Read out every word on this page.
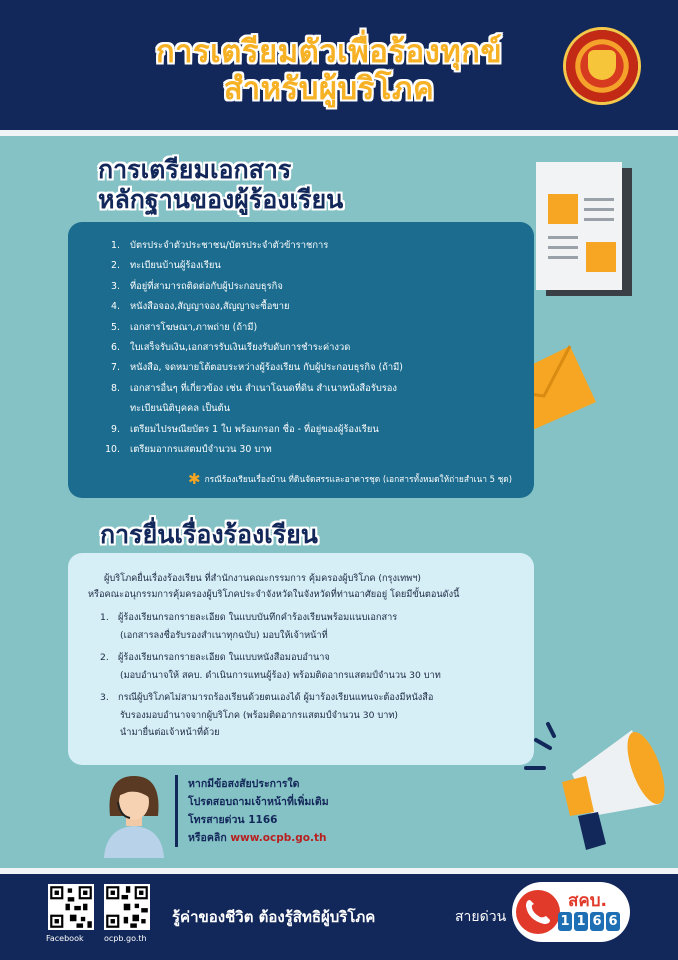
การเตรียมตัวเพื่อร้องทุกข์
สำหรับผู้บริโภค
การเตรียมเอกสาร
หลักฐานของผู้ร้องเรียน
1. บัตรประจำตัวประชาชน/บัตรประจำตัวข้าราชการ
2. ทะเบียนบ้านผู้ร้องเรียน
3. ที่อยู่ที่สามารถติดต่อกับผู้ประกอบธุรกิจ
4. หนังสือจอง,สัญญาจอง,สัญญาจะซื้อขาย
5. เอกสารโฆษณา,ภาพถ่าย (ถ้ามี)
6. ใบเสร็จรับเงิน,เอกสารรับเงินเรียงรับดับการชำระค่างวด
7. หนังสือ, จดหมายโต้ตอบระหว่างผู้ร้องเรียน กับผู้ประกอบธุรกิจ (ถ้ามี)
8. เอกสารอื่นๆ ที่เกี่ยวข้อง เช่น สำเนาโฉนดที่ดิน สำเนาหนังสือรับรอง
ทะเบียนนิติบุคคล เป็นต้น
9. เตรียมไปรษณียบัตร 1 ใบ พร้อมกรอก ชื่อ - ที่อยู่ของผู้ร้องเรียน
10. เตรียมอากรแสตมป์จำนวน 30 บาท
✱ กรณีร้องเรียนเรื่องบ้าน ที่ดินจัดสรรและอาคารชุด (เอกสารทั้งหมดให้ถ่ายสำเนา 5 ชุด)
การยื่นเรื่องร้องเรียน
ผู้บริโภคยื่นเรื่องร้องเรียน ที่สำนักงานคณะกรรมการ คุ้มครองผู้บริโภค (กรุงเทพฯ)
หรือคณะอนุกรรมการคุ้มครองผู้บริโภคประจำจังหวัดในจังหวัดที่ท่านอาศัยอยู่ โดยมีขั้นตอนดังนี้
1. ผู้ร้องเรียนกรอกรายละเอียด ในแบบบันทึกคำร้องเรียนพร้อมแนบเอกสาร
(เอกสารลงชื่อรับรองสำเนาทุกฉบับ) มอบให้เจ้าหน้าที่
2. ผู้ร้องเรียนกรอกรายละเอียด ในแบบหนังสือมอบอำนาจ
(มอบอำนาจให้ สคบ. ดำเนินการแทนผู้ร้อง) พร้อมติดอากรแสตมป์จำนวน 30 บาท
3. กรณีผู้บริโภคไม่สามารถร้องเรียนด้วยตนเองได้ ผู้มาร้องเรียนแทนจะต้องมีหนังสือ
รับรองมอบอำนาจจากผู้บริโภค (พร้อมติดอากรแสตมป์จำนวน 30 บาท)
นำมายื่นต่อเจ้าหน้าที่ด้วย
หากมีข้อสงสัยประการใด
โปรดสอบถามเจ้าหน้าที่เพิ่มเติม
โทรสายด่วน 1166
หรือคลิก www.ocpb.go.th
Facebook	ocpb.go.th
รู้ค่าของชีวิต ต้องรู้สิทธิผู้บริโภค	สายด่วน
สคบ.
1 1 6 6
